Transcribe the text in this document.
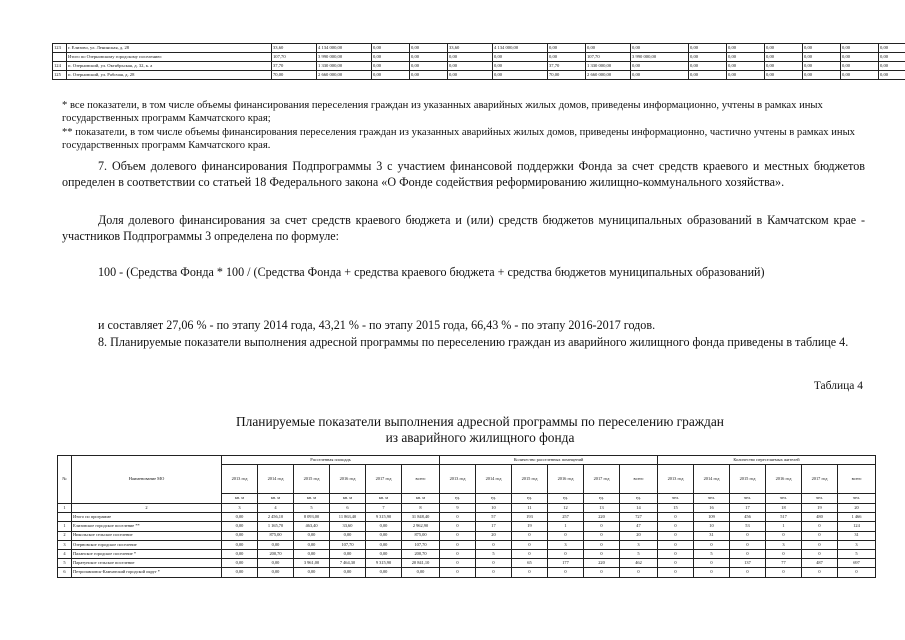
123	г. Елизово, ул. Ленинская, д. 28	33,60	4 134 000,00	0,00	0,00	33,60	4 134 000,00	0,00	0,00	0,00	0,00	0,00	0,00	0,00	0,00	0,00
	Итого по Озерновскому городскому поселению:	107,70	3 990 000,00	0,00	0,00	0,00	0,00	0,00	107,70	3 990 000,00	0,00	0,00	0,00	0,00	0,00	0,00
124	п. Озерновский, ул. Октябрьская, д. 32, к. а	37,70	1 330 000,00	0,00	0,00	0,00	0,00	37,70	1 330 000,00	0,00	0,00	0,00	0,00	0,00	0,00	0,00
125	п. Озерновский, ул. Рабочая, д. 28	70,00	2 660 000,00	0,00	0,00	0,00	0,00	70,00	2 660 000,00	0,00	0,00	0,00	0,00	0,00	0,00	0,00
* все показатели, в том числе объемы финансирования переселения граждан из указанных аварийных жилых домов, приведены информационно, учтены в рамках иных государственных программ Камчатского края;
** показатели, в том числе объемы финансирования переселения граждан из указанных аварийных жилых домов, приведены информационно, частично учтены в рамках иных государственных программ Камчатского края.
7. Объем долевого финансирования Подпрограммы 3 с участием финансовой поддержки Фонда за счет средств краевого и местных бюджетов определен в соответствии со статьей 18 Федерального закона «О Фонде содействия реформированию жилищно-коммунального хозяйства».
Доля долевого финансирования за счет средств краевого бюджета и (или) средств бюджетов муниципальных образований в Камчатском крае - участников Подпрограммы 3 определена по формуле:
100 - (Средства Фонда * 100 / (Средства Фонда + средства краевого бюджета + средства бюджетов муниципальных образований)
и составляет 27,06 % - по этапу 2014 года, 43,21 % - по этапу 2015 года, 66,43 % - по этапу 2016-2017 годов.
8. Планируемые показатели выполнения адресной программы по переселению граждан из аварийного жилищного фонда приведены в таблице 4.
Таблица 4
Планируемые показатели выполнения адресной программы по переселению граждан
из аварийного жилищного фонда
№	Наименование МО	Расселенная площадь						Количество расселенных помещений						Количество переселяемых жителей					
		2013 год	2014 год	2015 год	2016 год	2017 год	всего	2013 год	2014 год	2015 год	2016 год	2017 год	всего	2013 год	2014 год	2015 год	2016 год	2017 год	всего
		кв. м	кв. м	кв. м	кв. м	кв. м	кв. м	ед.	ед.	ед.	ед.	ед.	ед.	чел.	чел.	чел.	чел.	чел.	чел.
1	2	3	4	5	6	7	8	9	10	11	12	13	14	15	16	17	18	19	20
	Итого по программе	0,00	2 456,10	8 093,00	11 863,40	9 315,90	31 848,40	0	57	193	257	220	727	0	109	456	517	480	1 466
1	Елизовское городское поселение **	0,00	1 165,70	463,40	33,60	0,00	2 962,90	0	17	19	1	0	47	0	10	53	1	0	124
2	Никольское сельское поселение	0,00	875,00	0,00	0,00	0,00	875,00	0	20	0	0	0	20	0	31	0	0	0	31
3	Озерновское городское поселение	0,00	0,00	0,00	107,70	0,00	107,70	0	0	0	3	0	3	0	0	0	3	0	3
4	Паланское городское поселение *	0,00	200,70	0,00	0,00	0,00	200,70	0	5	0	0	0	5	0	5	0	0	0	5
5	Паратунское сельское поселение	0,00	0,00	3 961,00	7 464,30	9 315,90	20 841,10	0	0	65	177	220	462	0	0	137	77	487	697
6	Петропавловск-Камчатский городской округ *	0,00	0,00	0,00	0,00	0,00	0,00	0	0	0	0	0	0	0	0	0	0	0	0
